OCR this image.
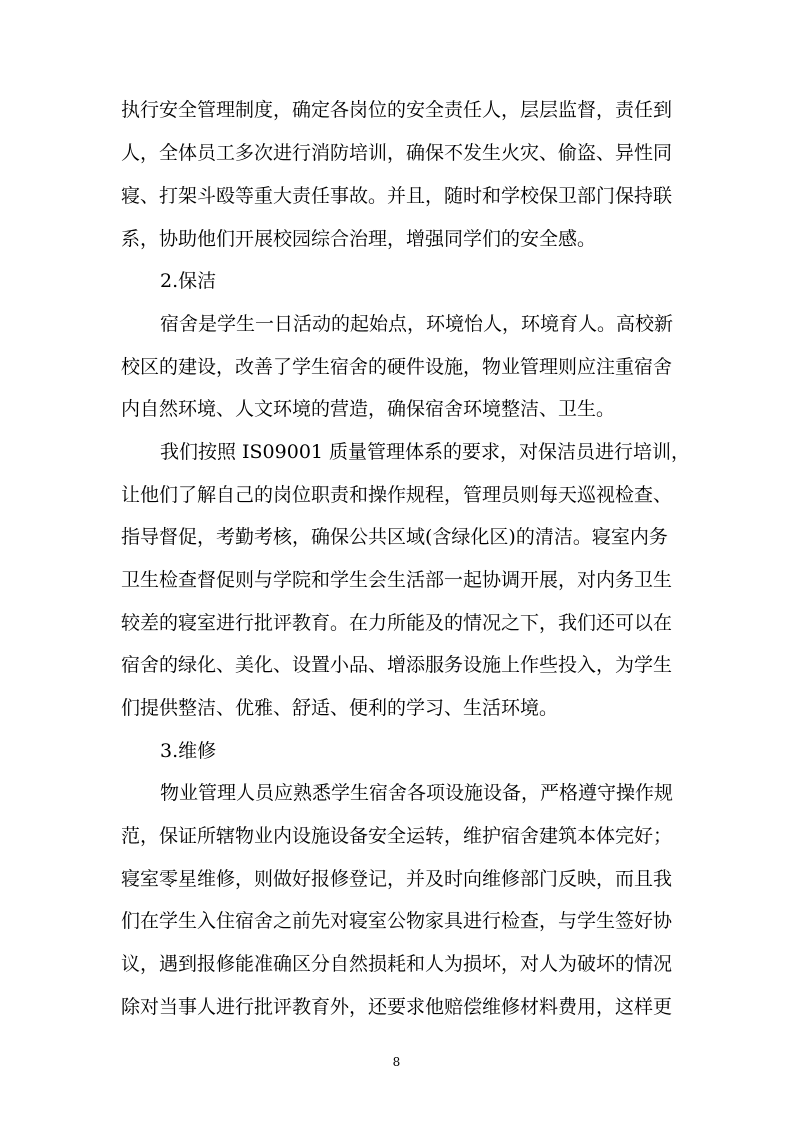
执行安全管理制度，确定各岗位的安全责任人，层层监督，责任到

人，全体员工多次进行消防培训，确保不发生火灾、偷盗、异性同

寝、打架斗殴等重大责任事故。并且，随时和学校保卫部门保持联

系，协助他们开展校园综合治理，增强同学们的安全感。

2.保洁

宿舍是学生一日活动的起始点，环境怡人，环境育人。高校新

校区的建设，改善了学生宿舍的硬件设施，物业管理则应注重宿舍

内自然环境、人文环境的营造，确保宿舍环境整洁、卫生。

我们按照 IS09001 质量管理体系的要求，对保洁员进行培训，

让他们了解自己的岗位职责和操作规程，管理员则每天巡视检查、

指导督促，考勤考核，确保公共区域(含绿化区)的清洁。寝室内务

卫生检查督促则与学院和学生会生活部一起协调开展，对内务卫生

较差的寝室进行批评教育。在力所能及的情况之下，我们还可以在

宿舍的绿化、美化、设置小品、增添服务设施上作些投入，为学生

们提供整洁、优雅、舒适、便利的学习、生活环境。

3.维修

物业管理人员应熟悉学生宿舍各项设施设备，严格遵守操作规

范，保证所辖物业内设施设备安全运转，维护宿舍建筑本体完好；

寝室零星维修，则做好报修登记，并及时向维修部门反映，而且我

们在学生入住宿舍之前先对寝室公物家具进行检查，与学生签好协

议，遇到报修能准确区分自然损耗和人为损坏，对人为破坏的情况

除对当事人进行批评教育外，还要求他赔偿维修材料费用，这样更

8
